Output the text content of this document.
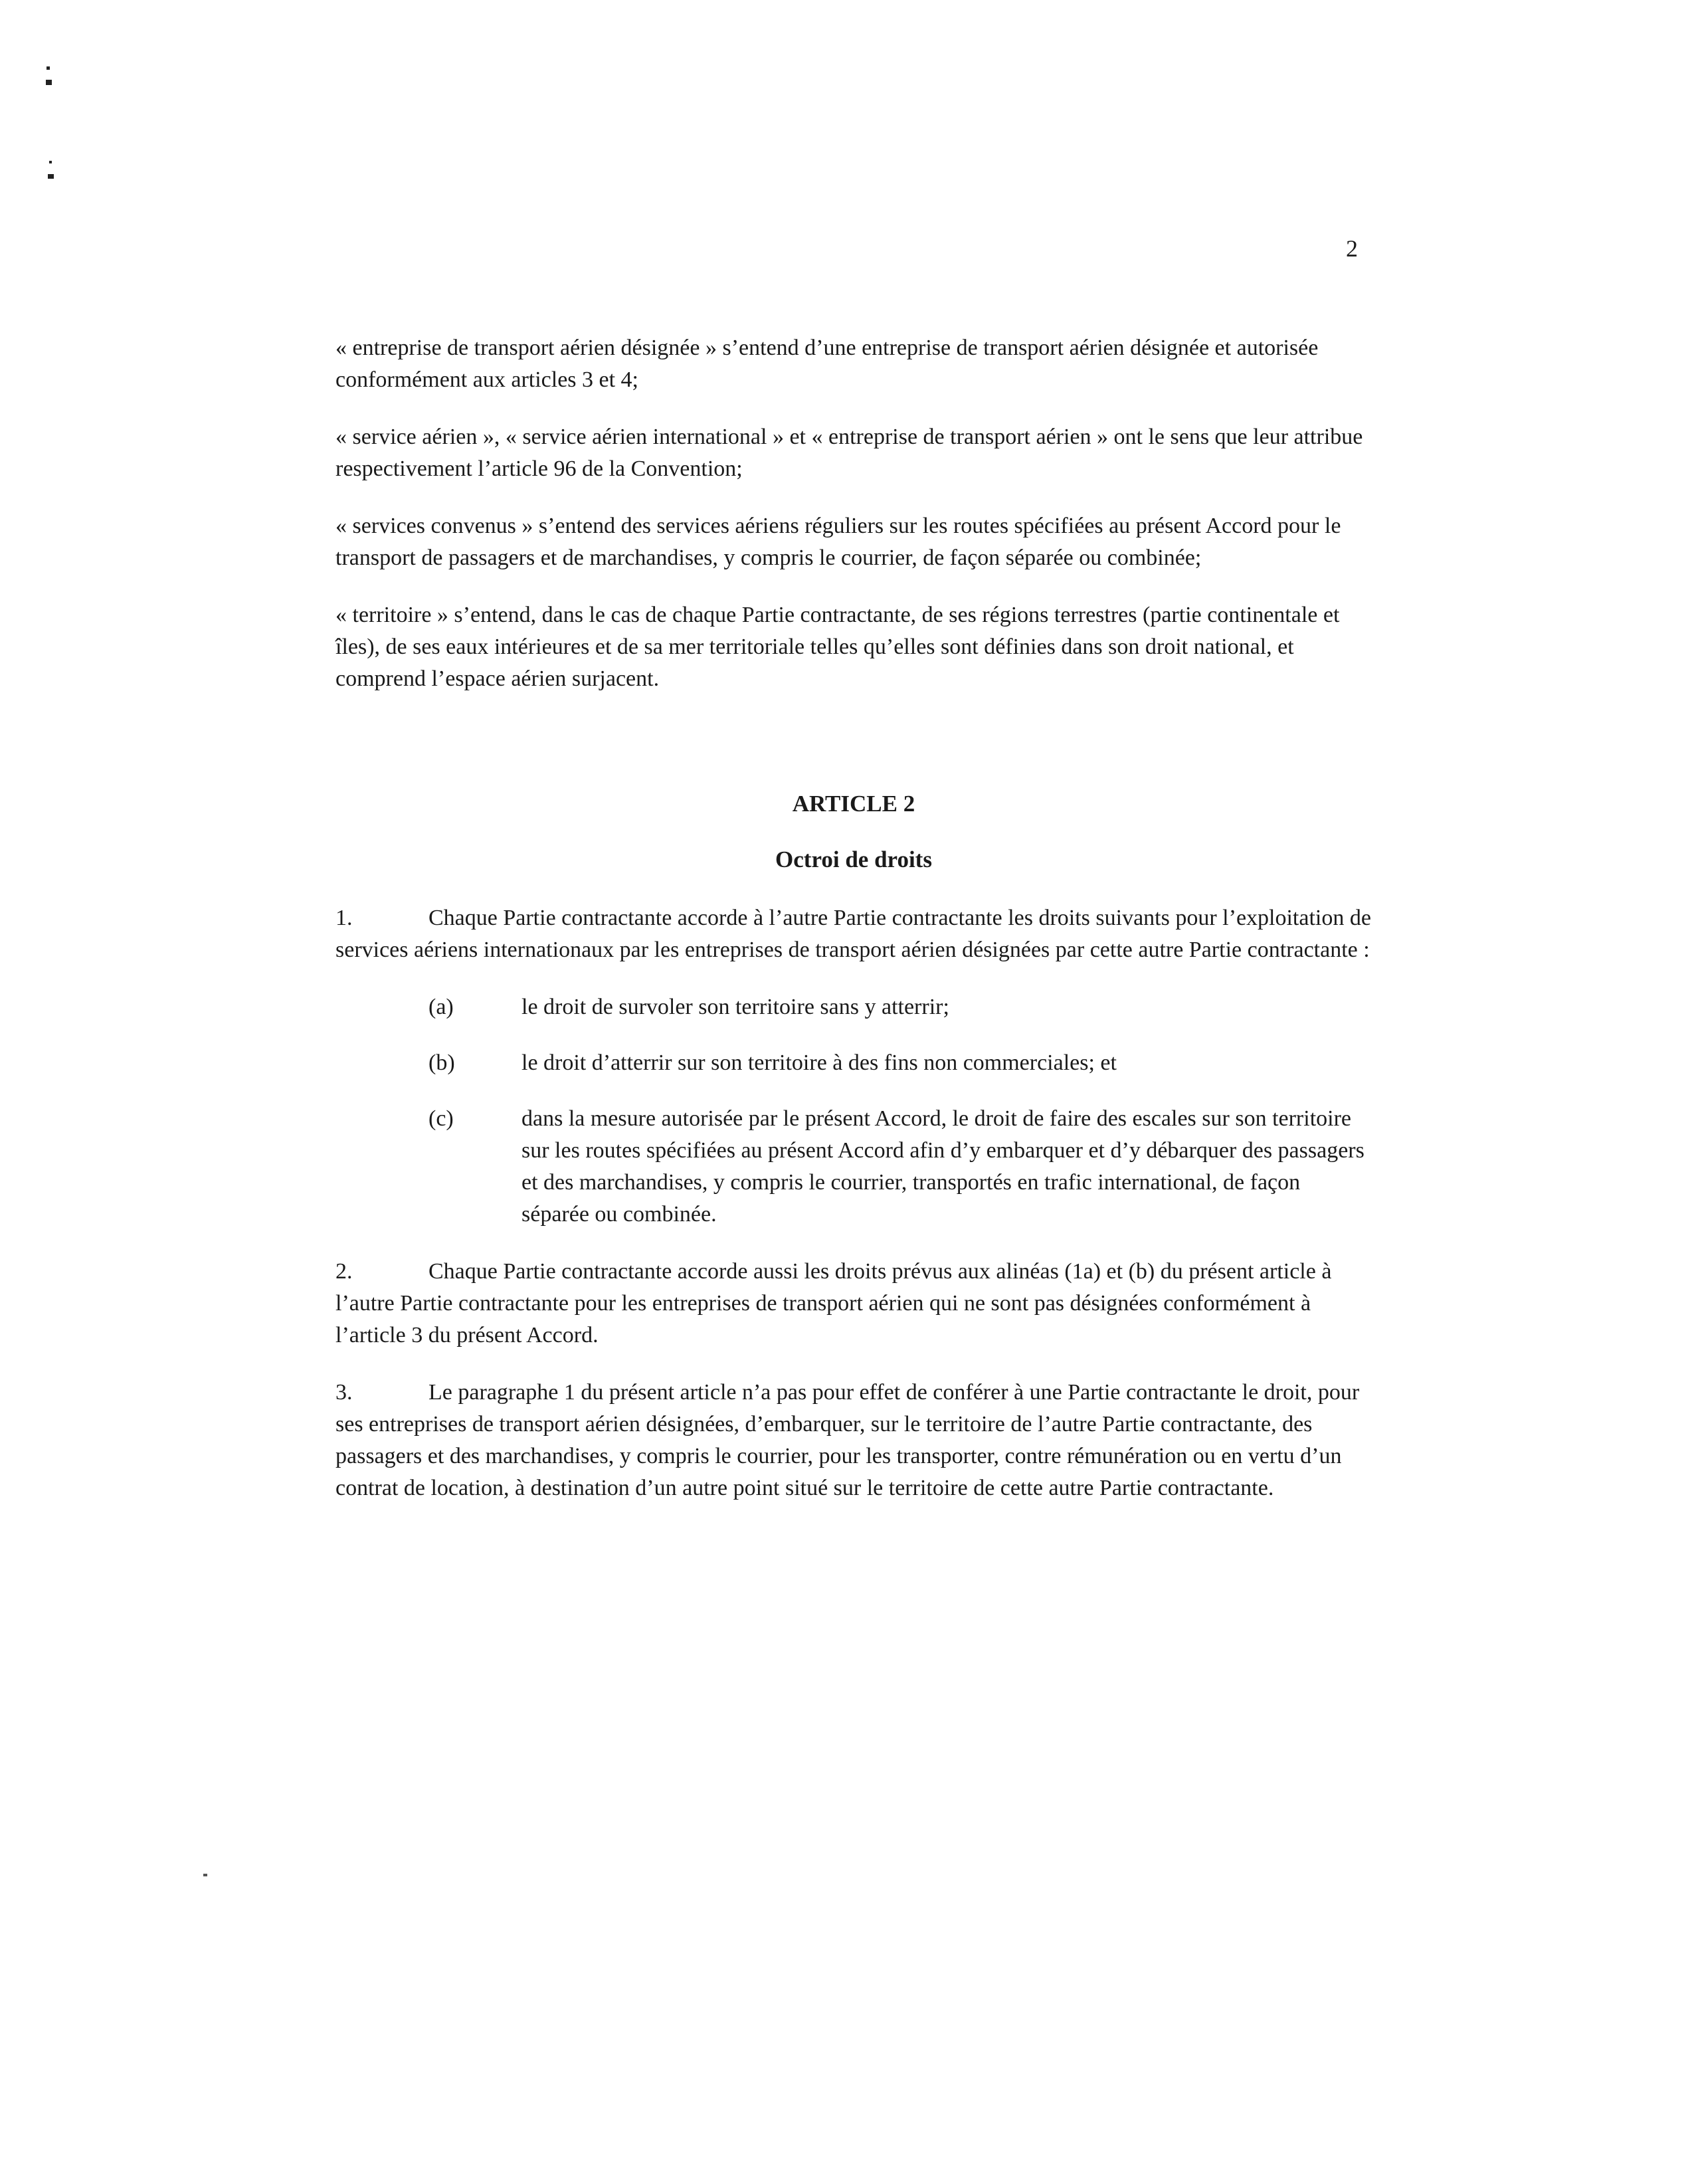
2

« entreprise de transport aérien désignée » s’entend d’une entreprise de transport aérien désignée et autorisée conformément aux articles 3 et 4;

« service aérien », « service aérien international » et « entreprise de transport aérien » ont le sens que leur attribue respectivement l’article 96 de la Convention;

« services convenus » s’entend des services aériens réguliers sur les routes spécifiées au présent Accord pour le transport de passagers et de marchandises, y compris le courrier, de façon séparée ou combinée;

« territoire » s’entend, dans le cas de chaque Partie contractante, de ses régions terrestres (partie continentale et îles), de ses eaux intérieures et de sa mer territoriale telles qu’elles sont définies dans son droit national, et comprend l’espace aérien surjacent.

ARTICLE 2

Octroi de droits

1.	Chaque Partie contractante accorde à l’autre Partie contractante les droits suivants pour l’exploitation de services aériens internationaux par les entreprises de transport aérien désignées par cette autre Partie contractante :

(a)	le droit de survoler son territoire sans y atterrir;
(b)	le droit d’atterrir sur son territoire à des fins non commerciales; et
(c)	dans la mesure autorisée par le présent Accord, le droit de faire des escales sur son territoire sur les routes spécifiées au présent Accord afin d’y embarquer et d’y débarquer des passagers et des marchandises, y compris le courrier, transportés en trafic international, de façon séparée ou combinée.

2.	Chaque Partie contractante accorde aussi les droits prévus aux alinéas (1a) et (b) du présent article à l’autre Partie contractante pour les entreprises de transport aérien qui ne sont pas désignées conformément à l’article 3 du présent Accord.

3.	Le paragraphe 1 du présent article n’a pas pour effet de conférer à une Partie contractante le droit, pour ses entreprises de transport aérien désignées, d’embarquer, sur le territoire de l’autre Partie contractante, des passagers et des marchandises, y compris le courrier, pour les transporter, contre rémunération ou en vertu d’un contrat de location, à destination d’un autre point situé sur le territoire de cette autre Partie contractante.
